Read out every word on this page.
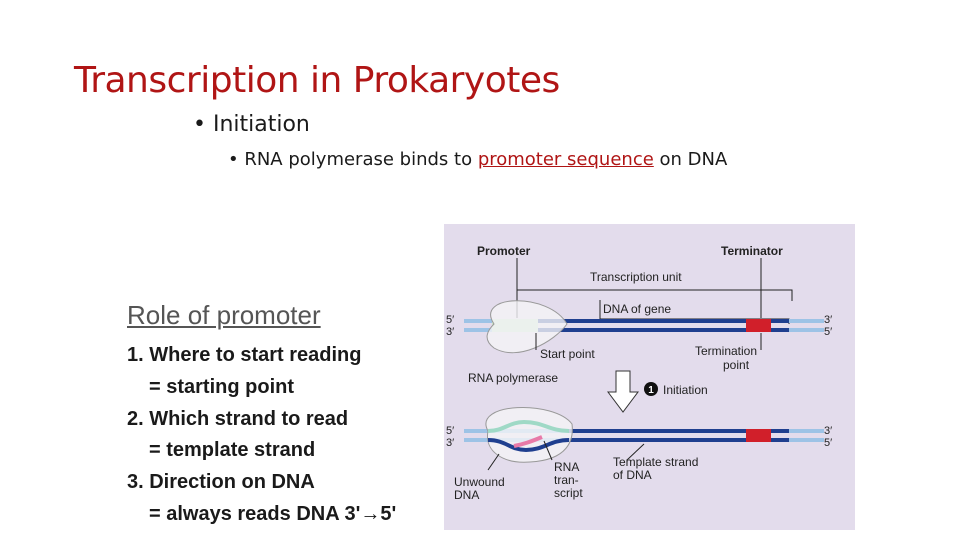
Transcription in Prokaryotes
• Initiation
• RNA polymerase binds to promoter sequence on DNA
Role of promoter
1. Where to start reading
= starting point
2. Which strand to read
= template strand
3. Direction on DNA
= always reads DNA 3'→5'
Promoter	Terminator
Transcription unit
DNA of gene
5′
3′
3′
5′
Start point	Termination
point
RNA polymerase
1 Initiation
5′
3′
3′
5′
Unwound
DNA
RNA
tran-
script
Template strand
of DNA
